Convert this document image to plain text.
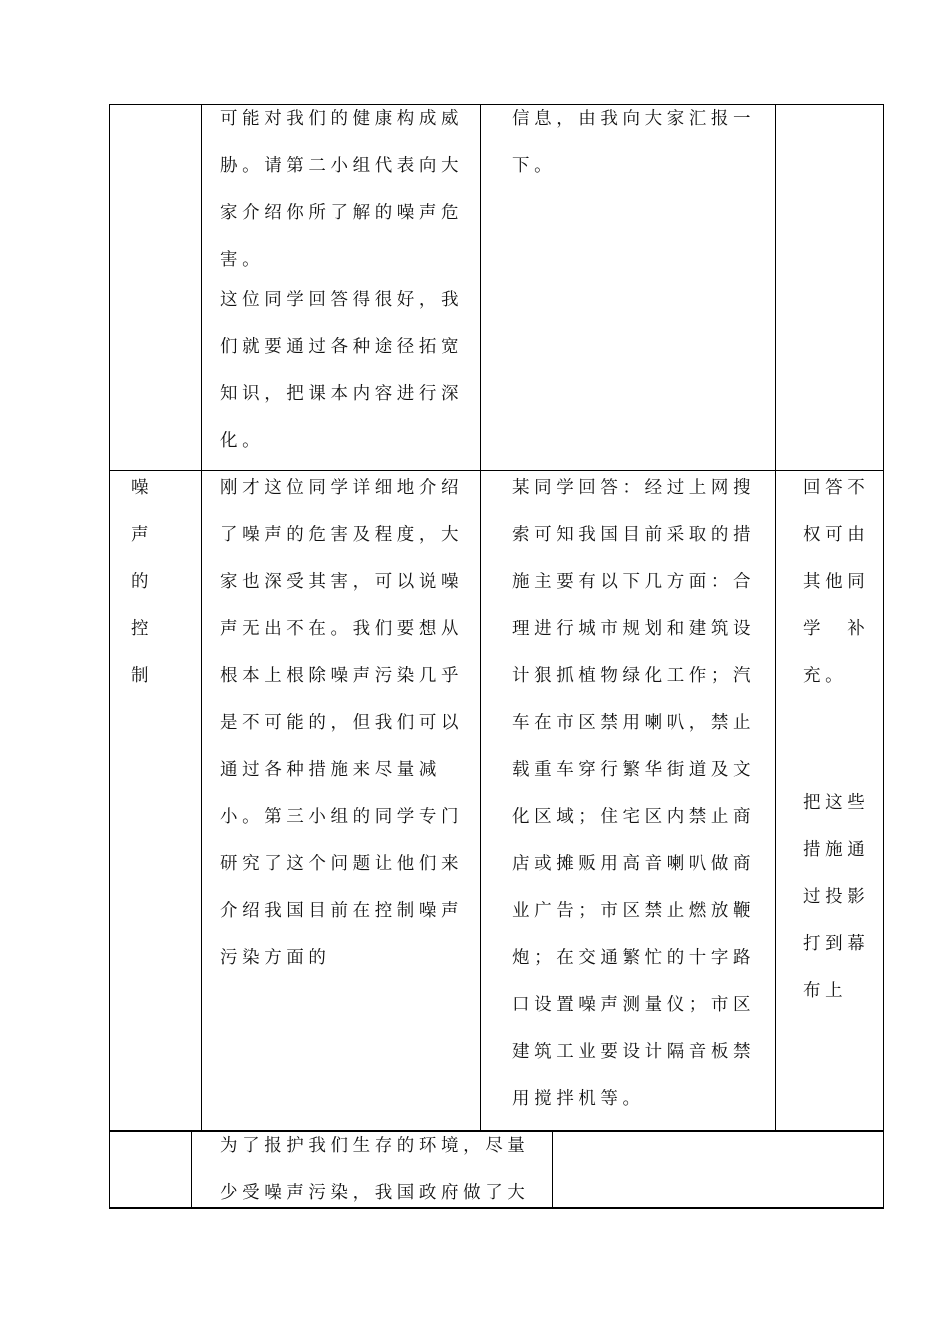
可能对我们的健康构成威胁。请第二小组代表向大家介绍你所了解的噪声危害。

这位同学回答得很好，我们就要通过各种途径拓宽知识，把课本内容进行深化。

信息，由我向大家汇报一下。
噪声的控制
刚才这位同学详细地介绍了噪声的危害及程度，大家也深受其害，可以说噪声无出不在。我们要想从根本上根除噪声污染几乎是不可能的，但我们可以通过各种措施来尽量减小。第三小组的同学专门研究了这个问题让他们来介绍我国目前在控制噪声污染方面的
某同学回答：经过上网搜索可知我国目前采取的措施主要有以下几方面：合理进行城市规划和建筑设计狠抓植物绿化工作；汽车在市区禁用喇叭，禁止载重车穿行繁华街道及文化区域；住宅区内禁止商店或摊贩用高音喇叭做商业广告；市区禁止燃放鞭炮；在交通繁忙的十字路口设置噪声测量仪；市区建筑工业要设计隔音板禁用搅拌机等。
回答不权可由其他同学　补充。
把这些措施通过投影打到幕布上
为了报护我们生存的环境，尽量少受噪声污染，我国政府做了大
